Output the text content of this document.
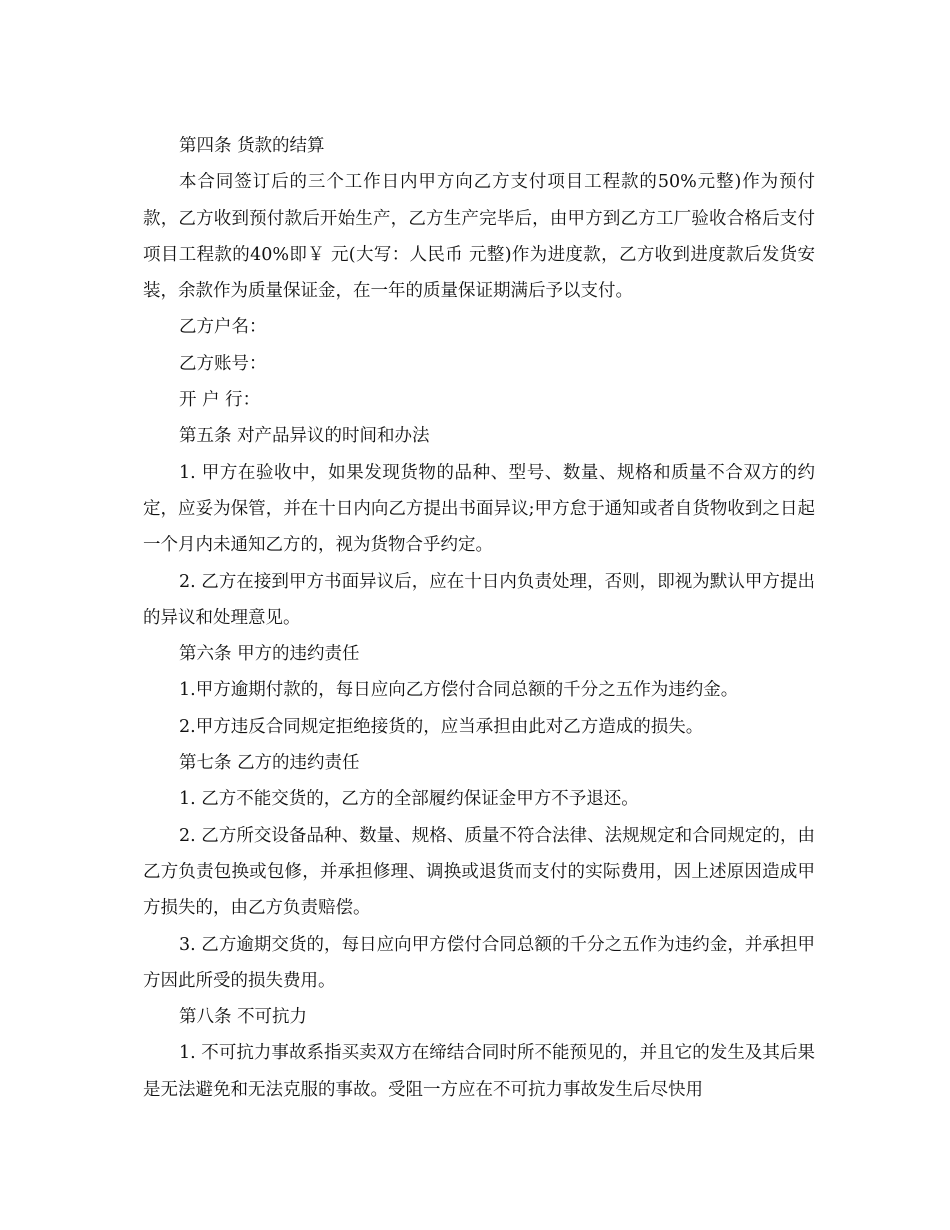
第四条 货款的结算

本合同签订后的三个工作日内甲方向乙方支付项目工程款的50%元整)作为预付款，乙方收到预付款后开始生产，乙方生产完毕后，由甲方到乙方工厂验收合格后支付项目工程款的40%即￥ 元(大写：人民币 元整)作为进度款，乙方收到进度款后发货安装，余款作为质量保证金，在一年的质量保证期满后予以支付。

乙方户名：

乙方账号：

开 户 行：

第五条 对产品异议的时间和办法

1. 甲方在验收中，如果发现货物的品种、型号、数量、规格和质量不合双方的约定，应妥为保管，并在十日内向乙方提出书面异议;甲方怠于通知或者自货物收到之日起一个月内未通知乙方的，视为货物合乎约定。

2. 乙方在接到甲方书面异议后，应在十日内负责处理，否则，即视为默认甲方提出的异议和处理意见。

第六条 甲方的违约责任

1.甲方逾期付款的，每日应向乙方偿付合同总额的千分之五作为违约金。

2.甲方违反合同规定拒绝接货的，应当承担由此对乙方造成的损失。

第七条 乙方的违约责任

1. 乙方不能交货的，乙方的全部履约保证金甲方不予退还。

2. 乙方所交设备品种、数量、规格、质量不符合法律、法规规定和合同规定的，由乙方负责包换或包修，并承担修理、调换或退货而支付的实际费用，因上述原因造成甲方损失的，由乙方负责赔偿。

3. 乙方逾期交货的，每日应向甲方偿付合同总额的千分之五作为违约金，并承担甲方因此所受的损失费用。

第八条 不可抗力

1. 不可抗力事故系指买卖双方在缔结合同时所不能预见的，并且它的发生及其后果是无法避免和无法克服的事故。受阻一方应在不可抗力事故发生后尽快用
